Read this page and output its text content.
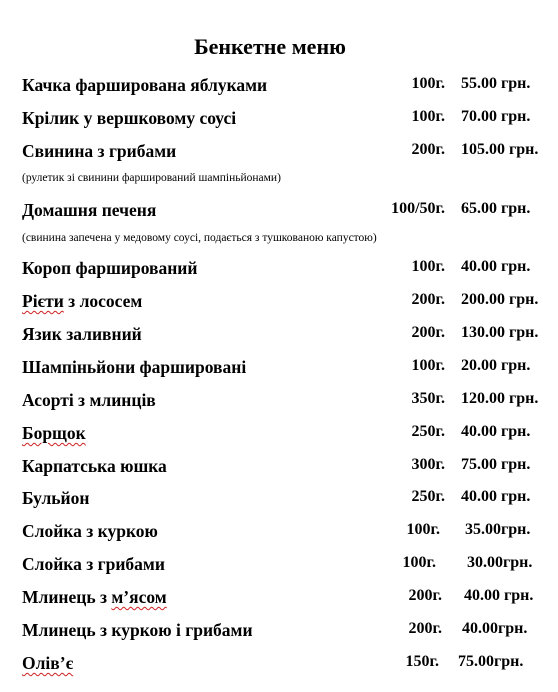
Бенкетне меню
Качка фарширована яблуками	100г. 55.00 грн.
Крілик у вершковому соусі	100г. 70.00 грн.
Свинина з грибами	200г. 105.00 грн.
(рулетик зі свинини фарширований шампіньйонами)
Домашня печеня	100/50г. 65.00 грн.
(свинина запечена у медовому соусі, подається з тушкованою капустою)
Короп фарширований	100г. 40.00 грн.
Рієти з лососем	200г. 200.00 грн.
Язик заливний	200г. 130.00 грн.
Шампіньйони фаршировані	100г. 20.00 грн.
Асорті з млинців	350г. 120.00 грн.
Борщок	250г. 40.00 грн.
Карпатська юшка	300г. 75.00 грн.
Бульйон	250г. 40.00 грн.
Слойка з куркою	100г. 35.00грн.
Слойка з грибами	100г. 30.00грн.
Млинець з м’ясом	200г. 40.00 грн.
Млинець з куркою і грибами	200г. 40.00грн.
Олів’є	150г. 75.00грн.
